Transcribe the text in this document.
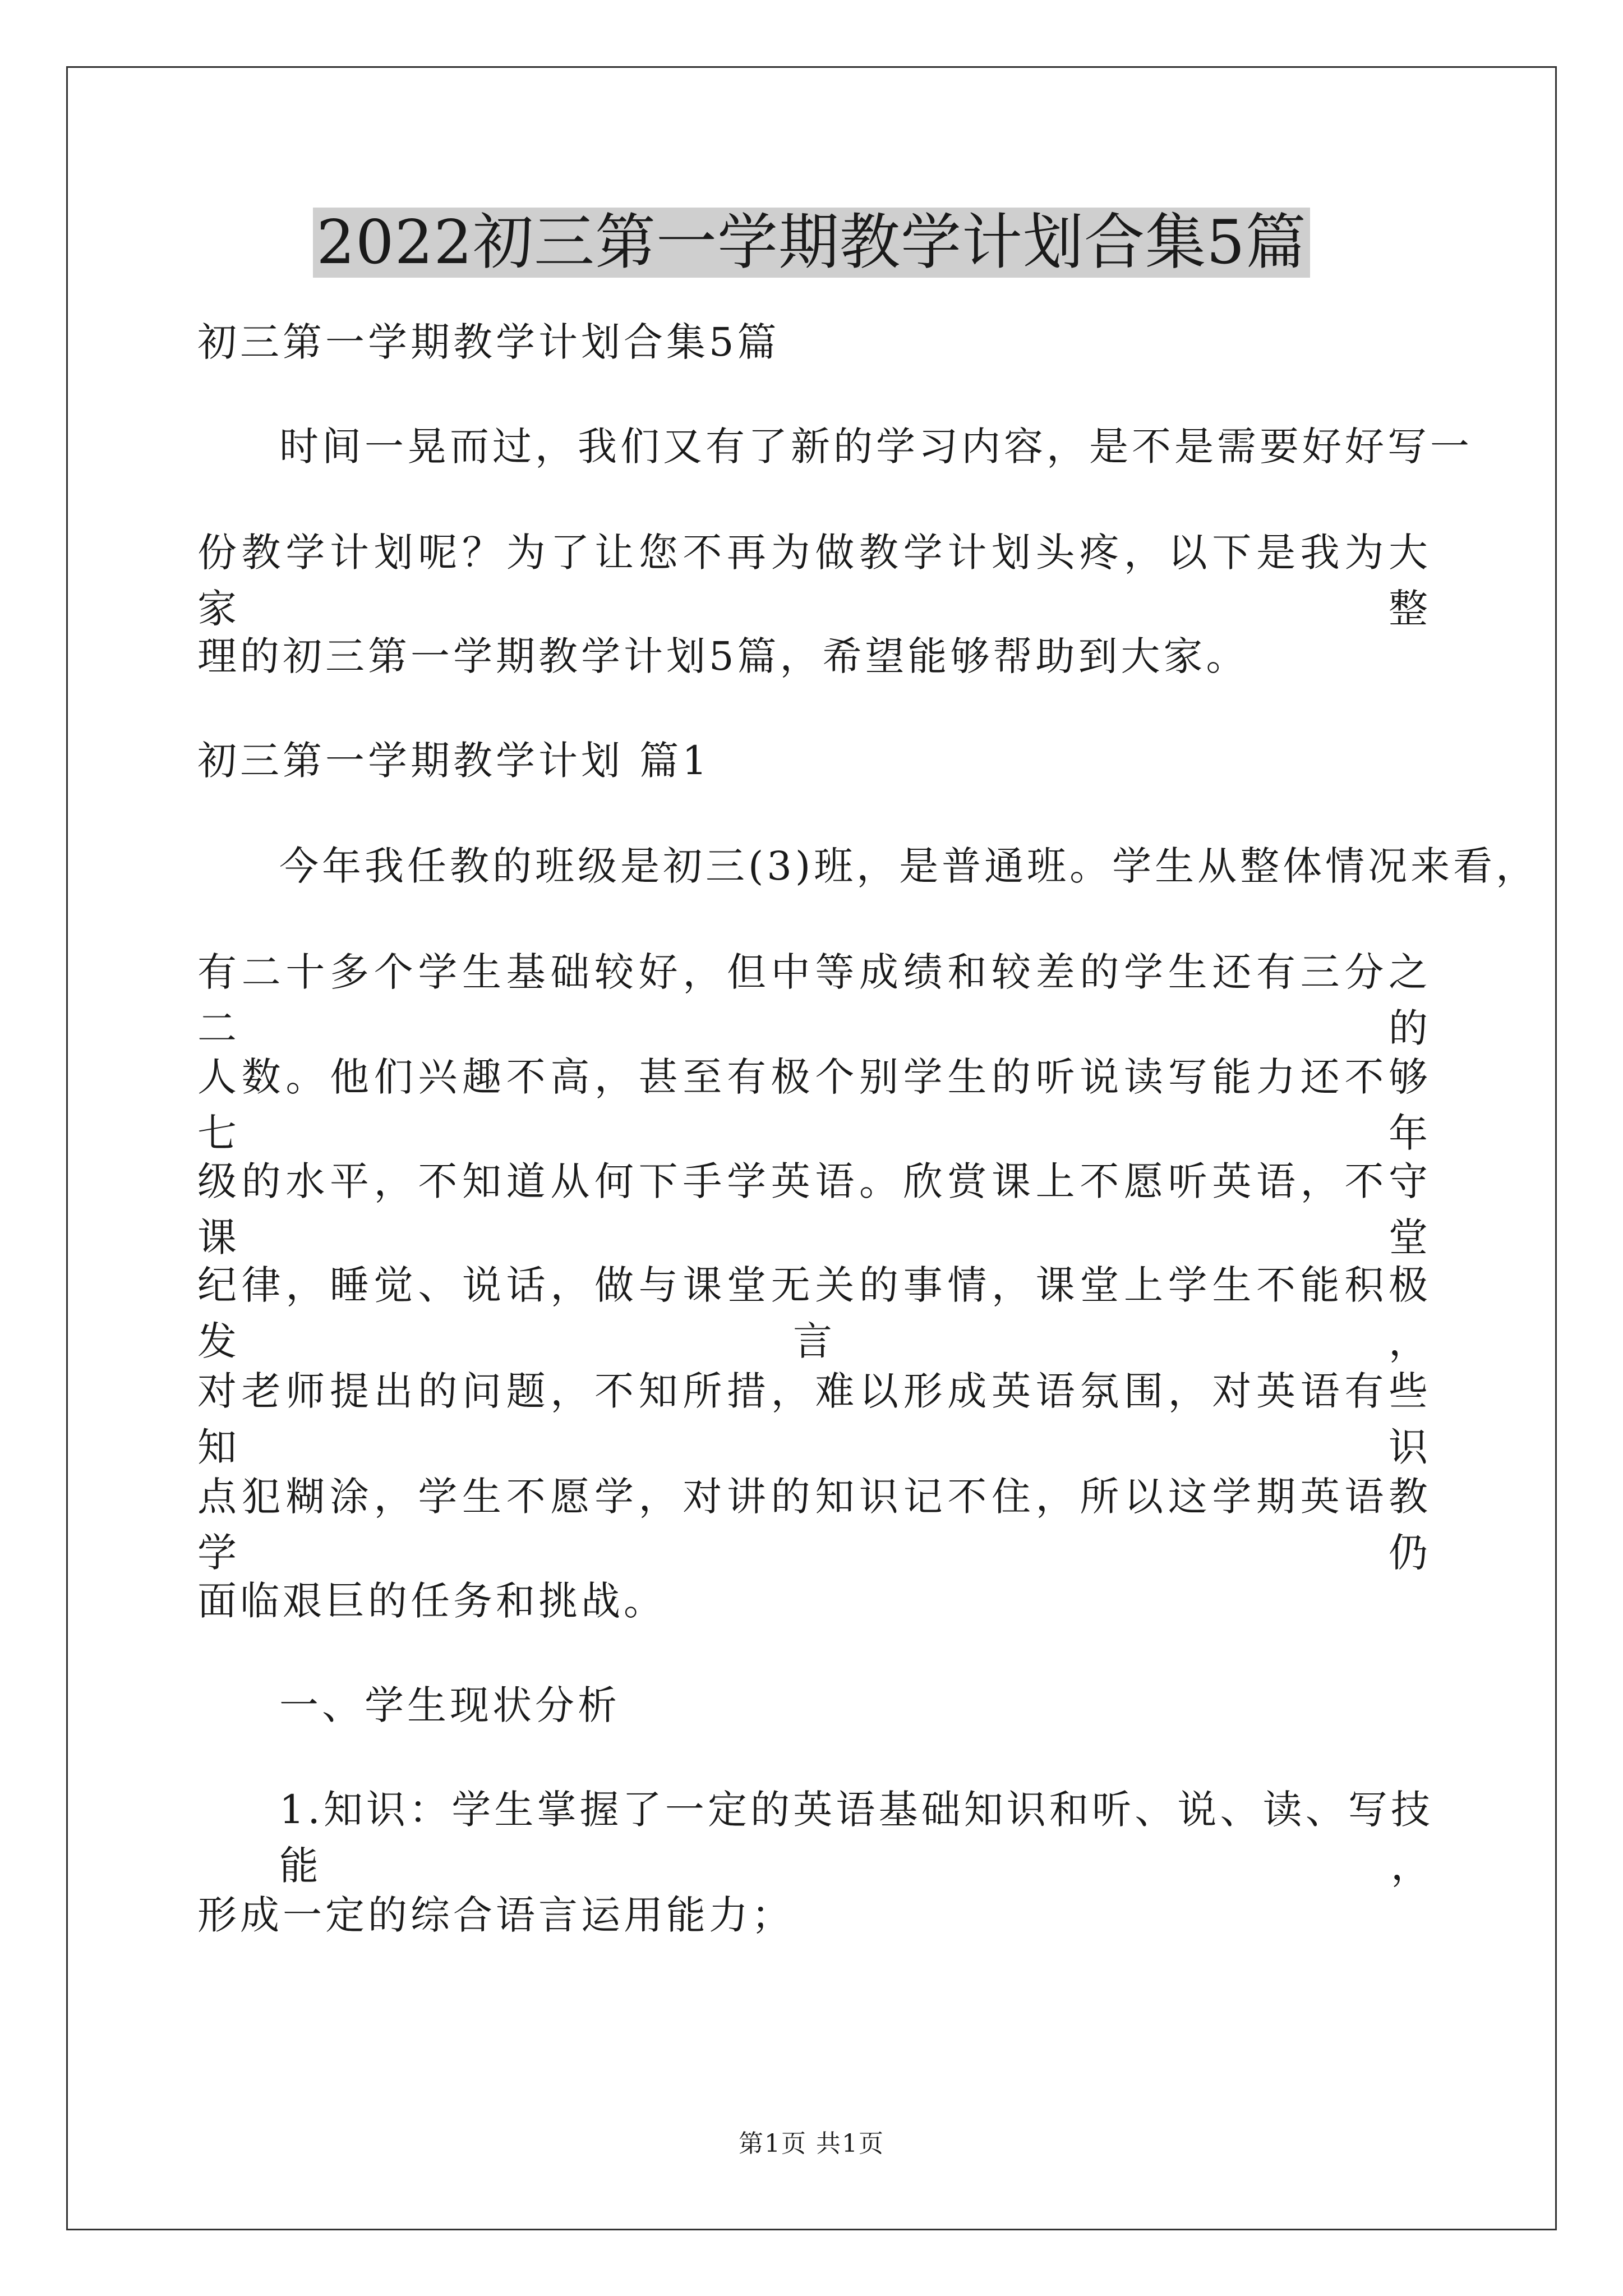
2022初三第一学期教学计划合集5篇
初三第一学期教学计划合集5篇
时间一晃而过，我们又有了新的学习内容，是不是需要好好写一
份教学计划呢？为了让您不再为做教学计划头疼，以下是我为大家整
理的初三第一学期教学计划5篇，希望能够帮助到大家。
初三第一学期教学计划 篇1
今年我任教的班级是初三(3)班，是普通班。学生从整体情况来看，
有二十多个学生基础较好，但中等成绩和较差的学生还有三分之二的
人数。他们兴趣不高，甚至有极个别学生的听说读写能力还不够七年
级的水平，不知道从何下手学英语。欣赏课上不愿听英语，不守课堂
纪律，睡觉、说话，做与课堂无关的事情，课堂上学生不能积极发言，
对老师提出的问题，不知所措，难以形成英语氛围，对英语有些知识
点犯糊涂，学生不愿学，对讲的知识记不住，所以这学期英语教学仍
面临艰巨的任务和挑战。
一、学生现状分析
1.知识：学生掌握了一定的英语基础知识和听、说、读、写技能，
形成一定的综合语言运用能力；
第1页 共1页
